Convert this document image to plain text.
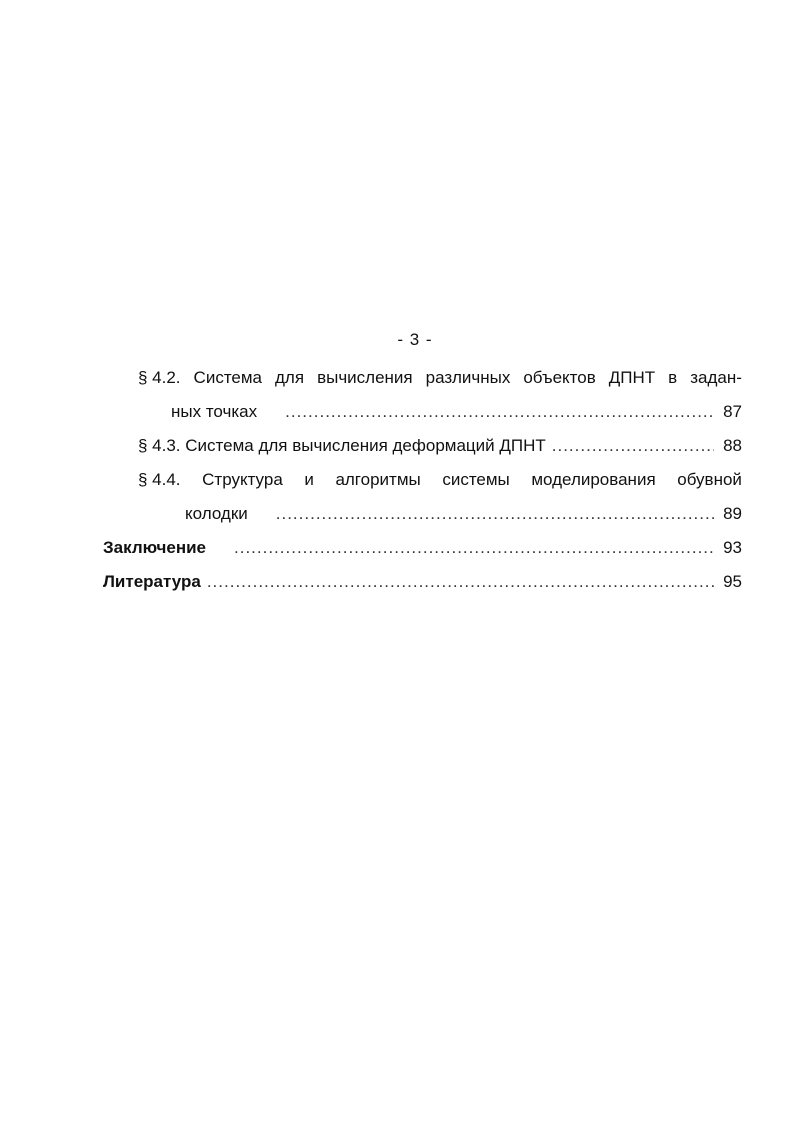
- 3 -
§ 4.2. Система для вычисления различных объектов ДПНТ в задан-
ных точках .....	87
§ 4.3. Система для вычисления деформаций ДПНТ .....	88
§ 4.4. Структура и алгоритмы системы моделирования обувной
колодки .....	89
Заключение .....	93
Литература .....	95
